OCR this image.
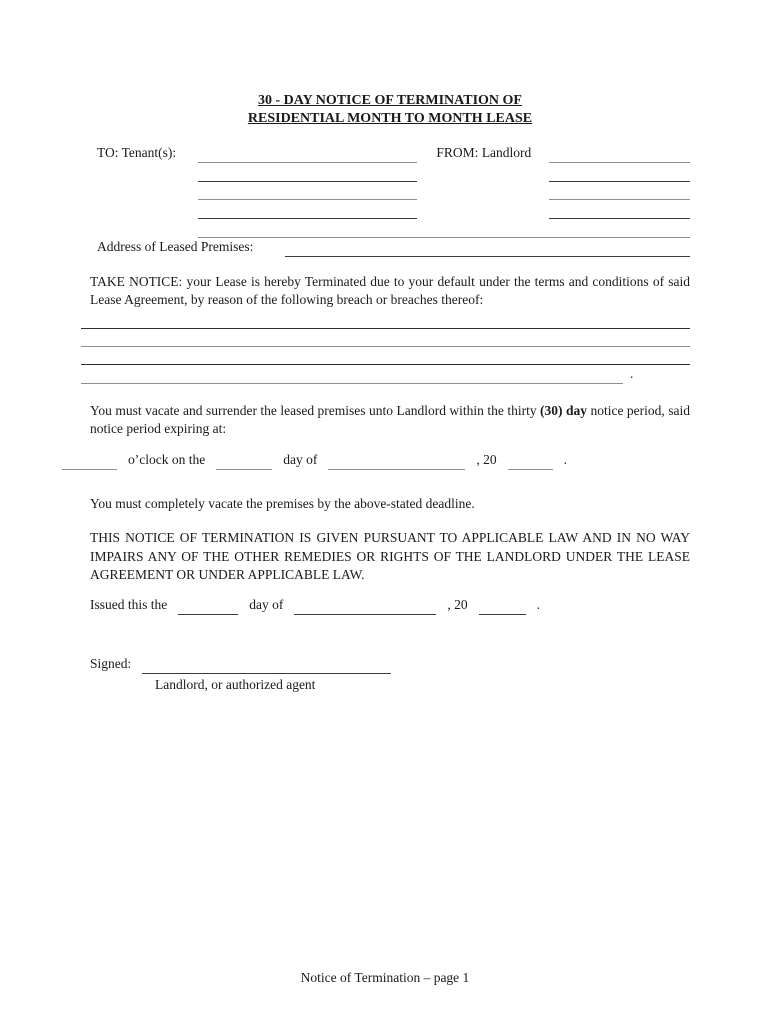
30 - DAY NOTICE OF TERMINATION OF
RESIDENTIAL MONTH TO MONTH LEASE
TO: Tenant(s):	FROM: Landlord
Address of Leased Premises:

TAKE NOTICE: your Lease is hereby Terminated due to your default under the terms and conditions of said Lease Agreement, by reason of the following breach or breaches thereof:

.

You must vacate and surrender the leased premises unto Landlord within the thirty (30) day notice period, said notice period expiring at:

o’clock on the	day of	, 20	.

You must completely vacate the premises by the above-stated deadline.

THIS NOTICE OF TERMINATION IS GIVEN PURSUANT TO APPLICABLE LAW AND IN NO WAY IMPAIRS ANY OF THE OTHER REMEDIES OR RIGHTS OF THE LANDLORD UNDER THE LEASE AGREEMENT OR UNDER APPLICABLE LAW.

Issued this the	day of	, 20	.
Signed:
Landlord, or authorized agent
Notice of Termination – page 1
